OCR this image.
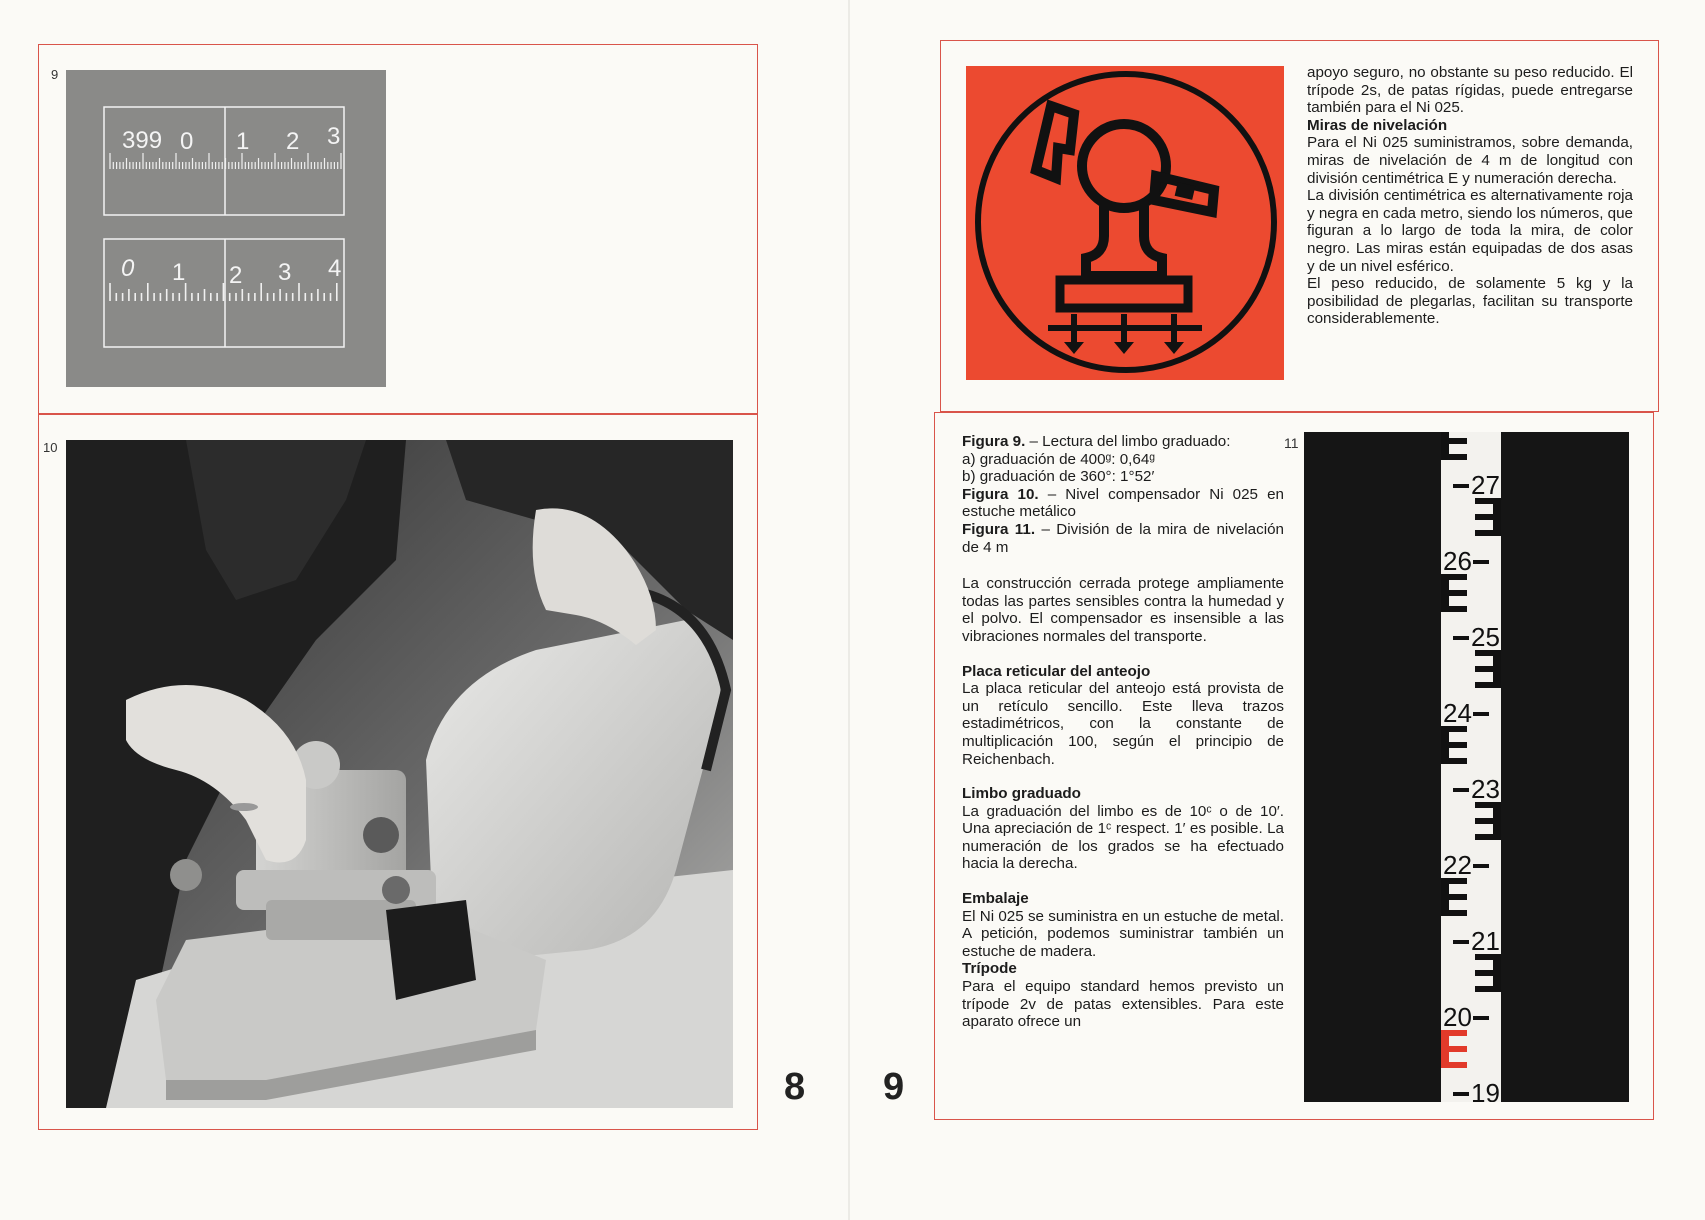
9
10
399 0 1 2 3
0 1 2 3 4
8

apoyo seguro, no obstante su peso reducido. El trípode 2s, de patas rígidas, puede entregarse también para el Ni 025.

Miras de nivelación

Para el Ni 025 suministramos, sobre demanda, miras de nivelación de 4 m de longitud con división centimétrica E y numeración derecha.

La división centimétrica es alternativamente roja y negra en cada metro, siendo los números, que figuran a lo largo de toda la mira, de color negro. Las miras están equipadas de dos asas y de un nivel esférico.

El peso reducido, de solamente 5 kg y la posibilidad de plegarlas, facilitan su transporte considerablemente.

Figura 9. – Lectura del limbo graduado:

a) graduación de 400ᵍ: 0,64ᵍ

b) graduación de 360°: 1°52′

Figura 10. – Nivel compensador Ni 025 en estuche metálico

Figura 11. – División de la mira de nivelación de 4 m

La construcción cerrada protege ampliamente todas las partes sensibles contra la humedad y el polvo. El compensador es insensible a las vibraciones normales del transporte.

Placa reticular del anteojo

La placa reticular del anteojo está provista de un retículo sencillo. Este lleva trazos estadimétricos, con la constante de multiplicación 100, según el principio de Reichenbach.

Limbo graduado

La graduación del limbo es de 10ᶜ o de 10′. Una apreciación de 1ᶜ respect. 1′ es posible. La numeración de los grados se ha efectuado hacia la derecha.

Embalaje

El Ni 025 se suministra en un estuche de metal. A petición, podemos suministrar también un estuche de madera.

Trípode

Para el equipo standard hemos previsto un trípode 2v de patas extensibles. Para este aparato ofrece un

11
27
26
25
24
23
22
21
20
19
9
